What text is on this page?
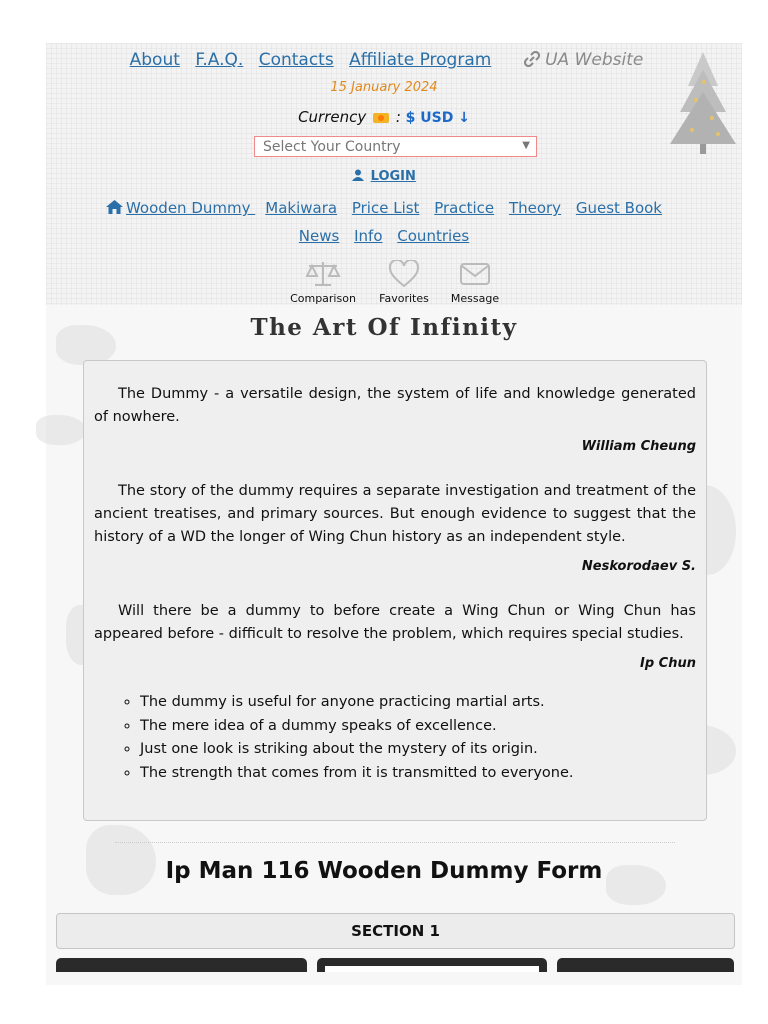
About F.A.Q. Contacts Affiliate Program	UA Website
15 January 2024
Currency : $ USD ↓
Select Your Country	▼
LOGIN
Wooden Dummy Makiwara Price List Practice Theory Guest Book
News Info Countries
Comparison	Favorites	Message
The Art Of Infinity

The Dummy - a versatile design, the system of life and knowledge generated of nowhere.

William Cheung

The story of the dummy requires a separate investigation and treatment of the ancient treatises, and primary sources. But enough evidence to suggest that the history of a WD the longer of Wing Chun history as an independent style.

Neskorodaev S.

Will there be a dummy to before create a Wing Chun or Wing Chun has appeared before - difficult to resolve the problem, which requires special studies.

Ip Chun

◦ The dummy is useful for anyone practicing martial arts.
◦ The mere idea of a dummy speaks of excellence.
◦ Just one look is striking about the mystery of its origin.
◦ The strength that comes from it is transmitted to everyone.
Ip Man 116 Wooden Dummy Form
SECTION 1
